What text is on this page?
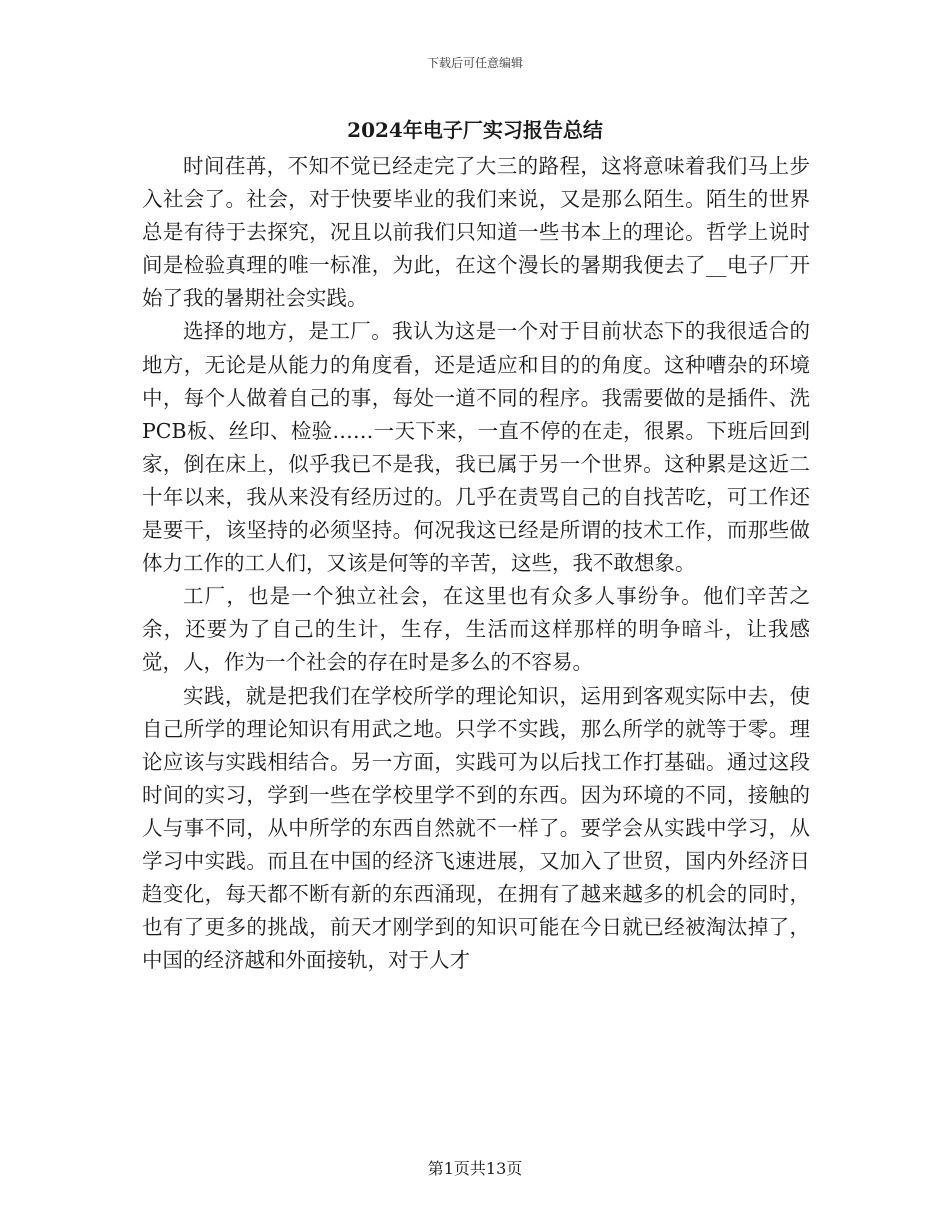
下载后可任意编辑
2024年电子厂实习报告总结

时间荏苒，不知不觉已经走完了大三的路程，这将意味着我们马上步入社会了。社会，对于快要毕业的我们来说，又是那么陌生。陌生的世界总是有待于去探究，况且以前我们只知道一些书本上的理论。哲学上说时间是检验真理的唯一标准，为此，在这个漫长的暑期我便去了__电子厂开始了我的暑期社会实践。

选择的地方，是工厂。我认为这是一个对于目前状态下的我很适合的地方，无论是从能力的角度看，还是适应和目的的角度。这种嘈杂的环境中，每个人做着自己的事，每处一道不同的程序。我需要做的是插件、洗PCB板、丝印、检验……一天下来，一直不停的在走，很累。下班后回到家，倒在床上，似乎我已不是我，我已属于另一个世界。这种累是这近二十年以来，我从来没有经历过的。几乎在责骂自己的自找苦吃，可工作还是要干，该坚持的必须坚持。何况我这已经是所谓的技术工作，而那些做体力工作的工人们，又该是何等的辛苦，这些，我不敢想象。

工厂，也是一个独立社会，在这里也有众多人事纷争。他们辛苦之余，还要为了自己的生计，生存，生活而这样那样的明争暗斗，让我感觉，人，作为一个社会的存在时是多么的不容易。

实践，就是把我们在学校所学的理论知识，运用到客观实际中去，使自己所学的理论知识有用武之地。只学不实践，那么所学的就等于零。理论应该与实践相结合。另一方面，实践可为以后找工作打基础。通过这段时间的实习，学到一些在学校里学不到的东西。因为环境的不同，接触的人与事不同，从中所学的东西自然就不一样了。要学会从实践中学习，从学习中实践。而且在中国的经济飞速进展，又加入了世贸，国内外经济日趋变化，每天都不断有新的东西涌现，在拥有了越来越多的机会的同时，也有了更多的挑战，前天才刚学到的知识可能在今日就已经被淘汰掉了，中国的经济越和外面接轨，对于人才

第1页共13页
